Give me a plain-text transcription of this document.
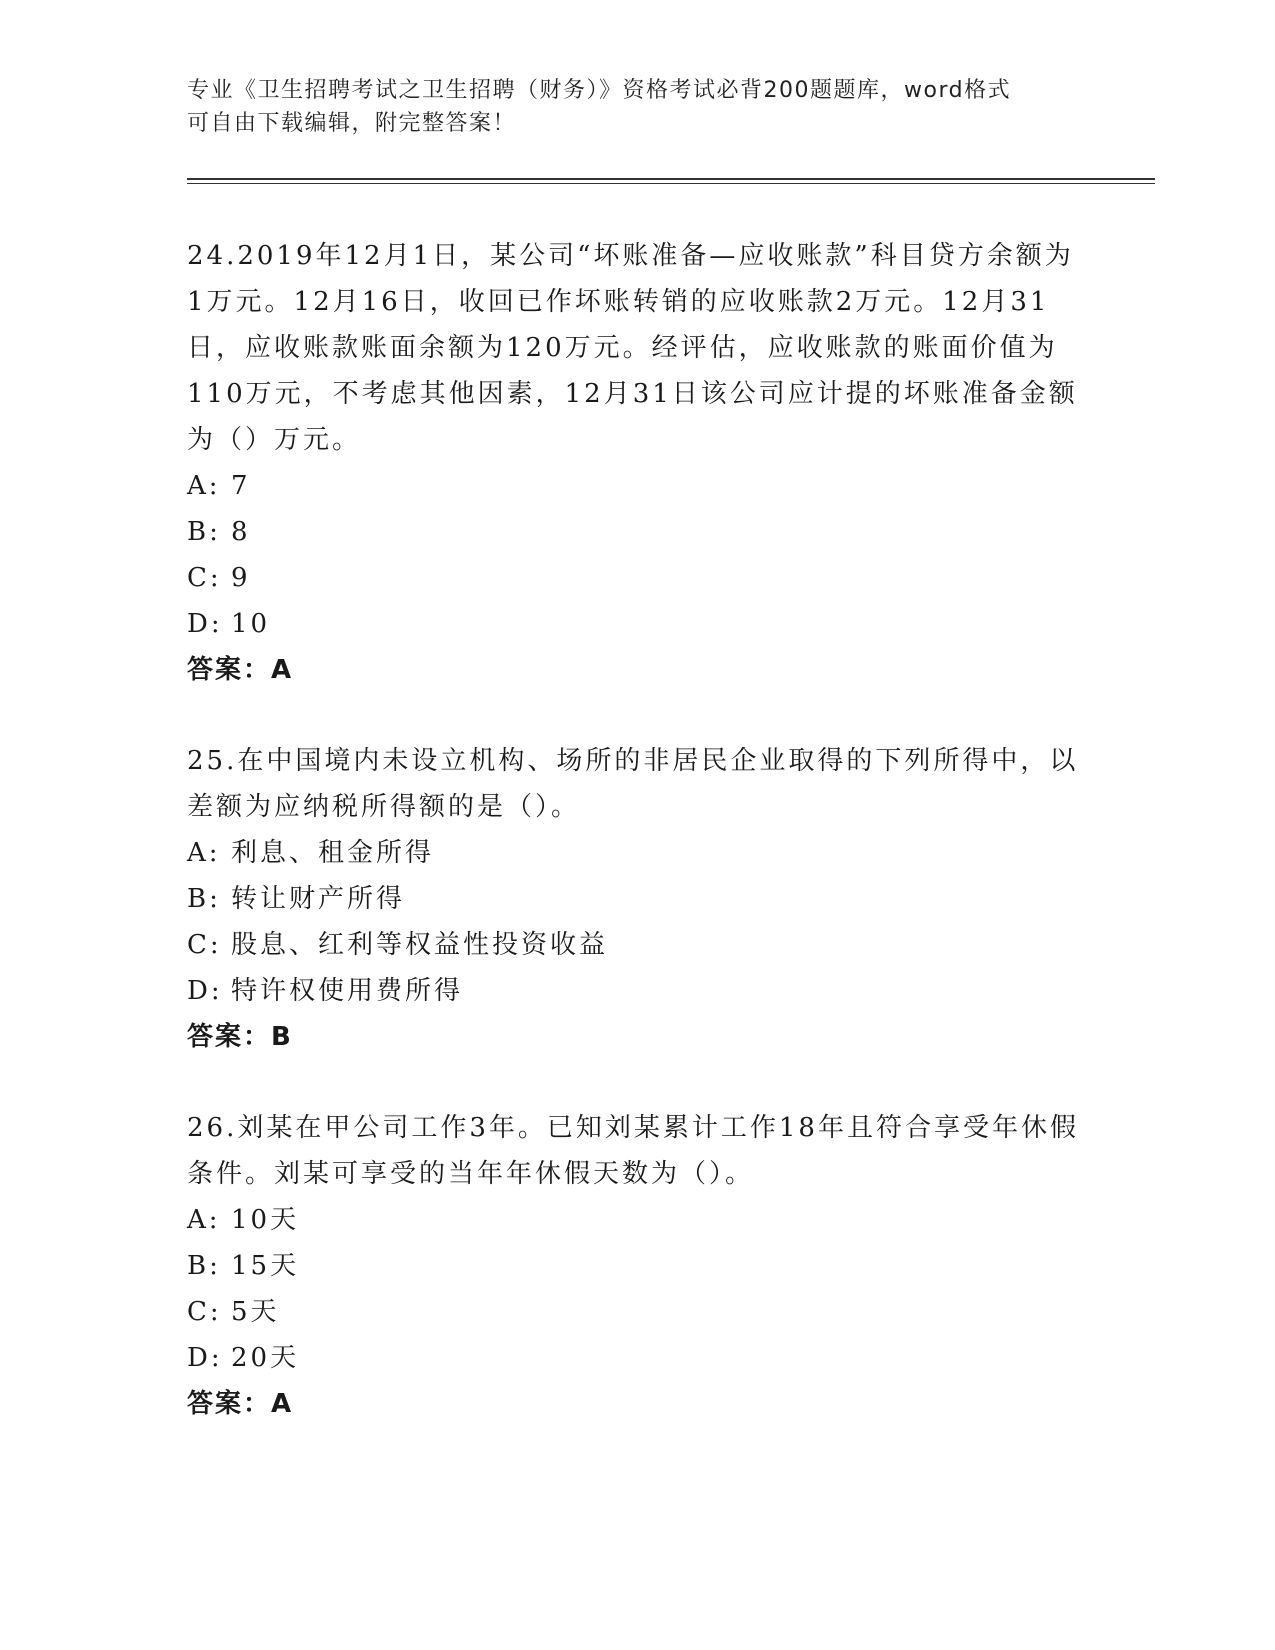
专业《卫生招聘考试之卫生招聘（财务）》资格考试必背200题题库，word格式
可自由下载编辑，附完整答案！

24.2019年12月1日，某公司“坏账准备—应收账款”科目贷方余额为1万元。12月16日，收回已作坏账转销的应收账款2万元。12月31日，应收账款账面余额为120万元。经评估，应收账款的账面价值为110万元，不考虑其他因素，12月31日该公司应计提的坏账准备金额为（）万元。

A: 7
B: 8
C: 9
D: 10
答案：A

25.在中国境内未设立机构、场所的非居民企业取得的下列所得中，以差额为应纳税所得额的是（）。

A: 利息、租金所得
B: 转让财产所得
C: 股息、红利等权益性投资收益
D: 特许权使用费所得
答案：B

26.刘某在甲公司工作3年。已知刘某累计工作18年且符合享受年休假条件。刘某可享受的当年年休假天数为（）。

A: 10天
B: 15天
C: 5天
D: 20天
答案：A
